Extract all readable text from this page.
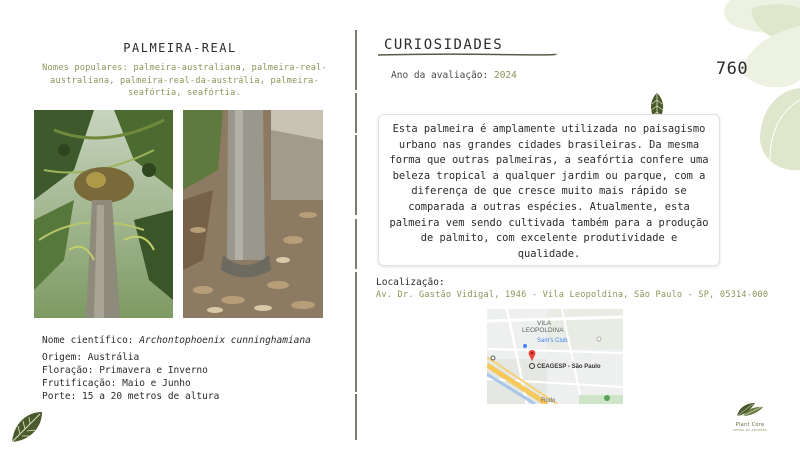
PALMEIRA-REAL
Nomes populares: palmeira-australiana, palmeira-real-australiana, palmeira-real-da-austrália, palmeira-seafórtia, seafórtia.
Nome científico: Archontophoenix cunninghamiana
Origem: Austrália
Floração: Primavera e Inverno
Frutificação: Maio e Junho
Porte: 15 a 20 metros de altura
CURIOSIDADES
Ano da avaliação: 2024	760
Esta palmeira é amplamente utilizada no paisagismo urbano nas grandes cidades brasileiras. Da mesma forma que outras palmeiras, a seafórtia confere uma beleza tropical a qualquer jardim ou parque, com a diferença de que cresce muito mais rápido se comparada a outras espécies. Atualmente, esta palmeira vem sendo cultivada também para a produção de palmito, com excelente produtividade e qualidade.
Localização:
Av. Dr. Gastão Vidigal, 1946 - Vila Leopoldina, São Paulo - SP, 05314-000
VILA
LEOPOLDINA
Sam's Club
CEAGESP - São Paulo
Rodo
Plant Core
CENSO DE ÁRVORES
